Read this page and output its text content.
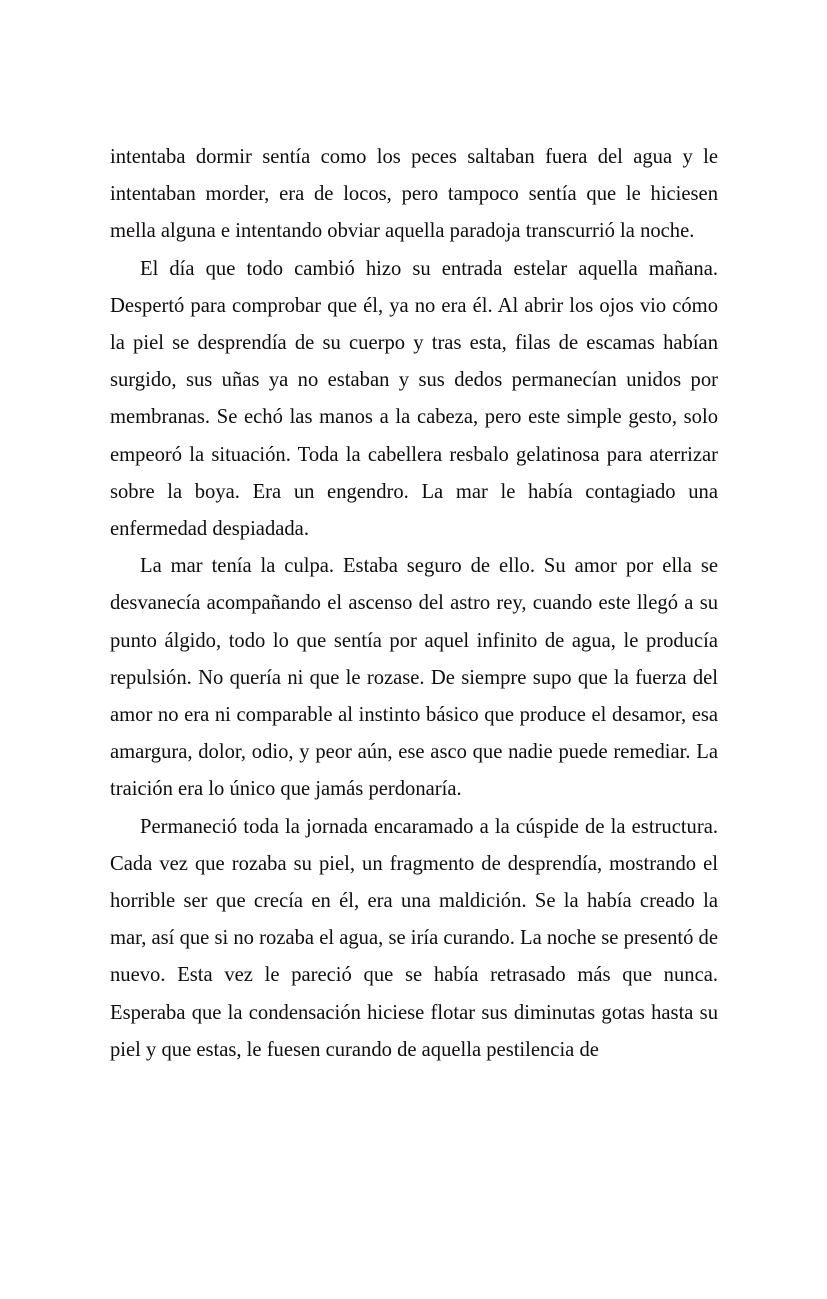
intentaba dormir sentía como los peces saltaban fuera del agua y le intentaban morder, era de locos, pero tampoco sentía que le hiciesen mella alguna e intentando obviar aquella paradoja transcurrió la noche.

El día que todo cambió hizo su entrada estelar aquella mañana. Despertó para comprobar que él, ya no era él. Al abrir los ojos vio cómo la piel se desprendía de su cuerpo y tras esta, filas de escamas habían surgido, sus uñas ya no estaban y sus dedos permanecían unidos por membranas. Se echó las manos a la cabeza, pero este simple gesto, solo empeoró la situación. Toda la cabellera resbalo gelatinosa para aterrizar sobre la boya. Era un engendro. La mar le había contagiado una enfermedad despiadada.

La mar tenía la culpa. Estaba seguro de ello. Su amor por ella se desvanecía acompañando el ascenso del astro rey, cuando este llegó a su punto álgido, todo lo que sentía por aquel infinito de agua, le producía repulsión. No quería ni que le rozase. De siempre supo que la fuerza del amor no era ni comparable al instinto básico que produce el desamor, esa amargura, dolor, odio, y peor aún, ese asco que nadie puede remediar. La traición era lo único que jamás perdonaría.

Permaneció toda la jornada encaramado a la cúspide de la estructura. Cada vez que rozaba su piel, un fragmento de desprendía, mostrando el horrible ser que crecía en él, era una maldición. Se la había creado la mar, así que si no rozaba el agua, se iría curando. La noche se presentó de nuevo. Esta vez le pareció que se había retrasado más que nunca. Esperaba que la condensación hiciese flotar sus diminutas gotas hasta su piel y que estas, le fuesen curando de aquella pestilencia de
